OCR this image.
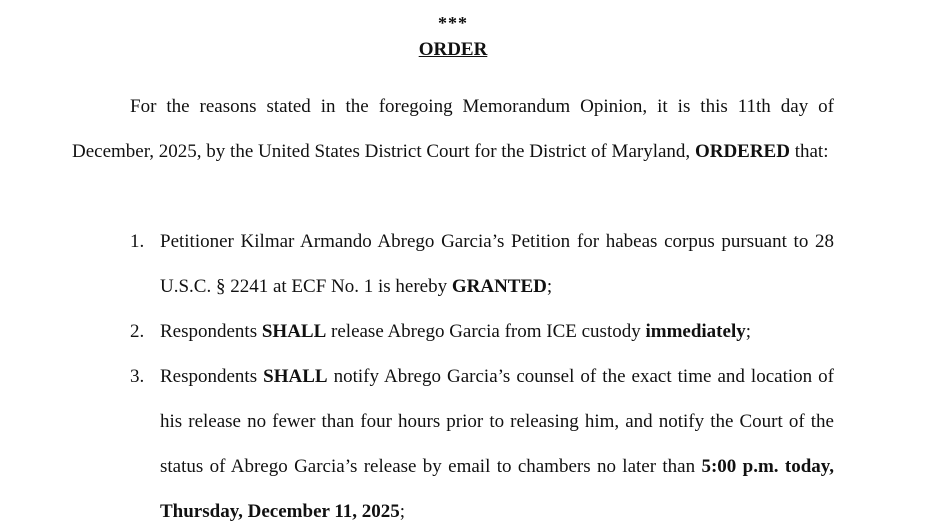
***
ORDER

For the reasons stated in the foregoing Memorandum Opinion, it is this 11th day of December, 2025, by the United States District Court for the District of Maryland, ORDERED that:

1. Petitioner Kilmar Armando Abrego Garcia’s Petition for habeas corpus pursuant to 28 U.S.C. § 2241 at ECF No. 1 is hereby GRANTED;
2. Respondents SHALL release Abrego Garcia from ICE custody immediately;
3. Respondents SHALL notify Abrego Garcia’s counsel of the exact time and location of his release no fewer than four hours prior to releasing him, and notify the Court of the status of Abrego Garcia’s release by email to chambers no later than 5:00 p.m. today, Thursday, December 11, 2025;
